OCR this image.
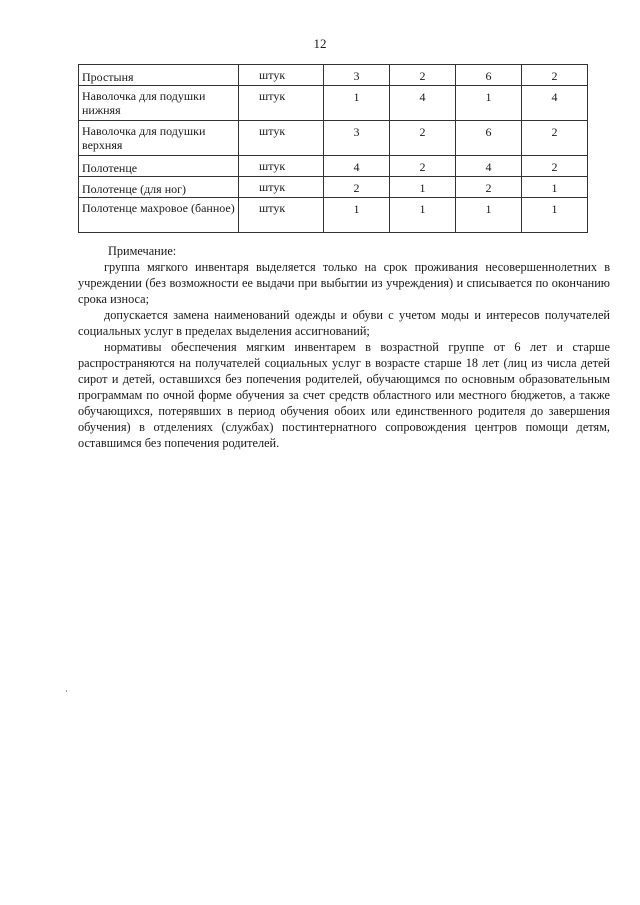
12
Простыня	штук	3	2	6	2

Наволочка для подушки нижняя	штук	1	4	1	4

Наволочка для подушки верхняя	штук	3	2	6	2

Полотенце	штук	4	2	4	2

Полотенце (для ног)	штук	2	1	2	1

Полотенце махровое (банное)	штук	1	1	1	1

Примечание:

группа мягкого инвентаря выделяется только на срок проживания несовершеннолетних в учреждении (без возможности ее выдачи при выбытии из учреждения) и списывается по окончанию срока износа;

допускается замена наименований одежды и обуви с учетом моды и интересов получателей социальных услуг в пределах выделения ассигнований;

нормативы обеспечения мягким инвентарем в возрастной группе от 6 лет и старше распространяются на получателей социальных услуг в возрасте старше 18 лет (лиц из числа детей сирот и детей, оставшихся без попечения родителей, обучающимся по основным образовательным программам по очной форме обучения за счет средств областного или местного бюджетов, а также обучающихся, потерявших в период обучения обоих или единственного родителя до завершения обучения) в отделениях (службах) постинтернатного сопровождения центров помощи детям, оставшимся без попечения родителей.
